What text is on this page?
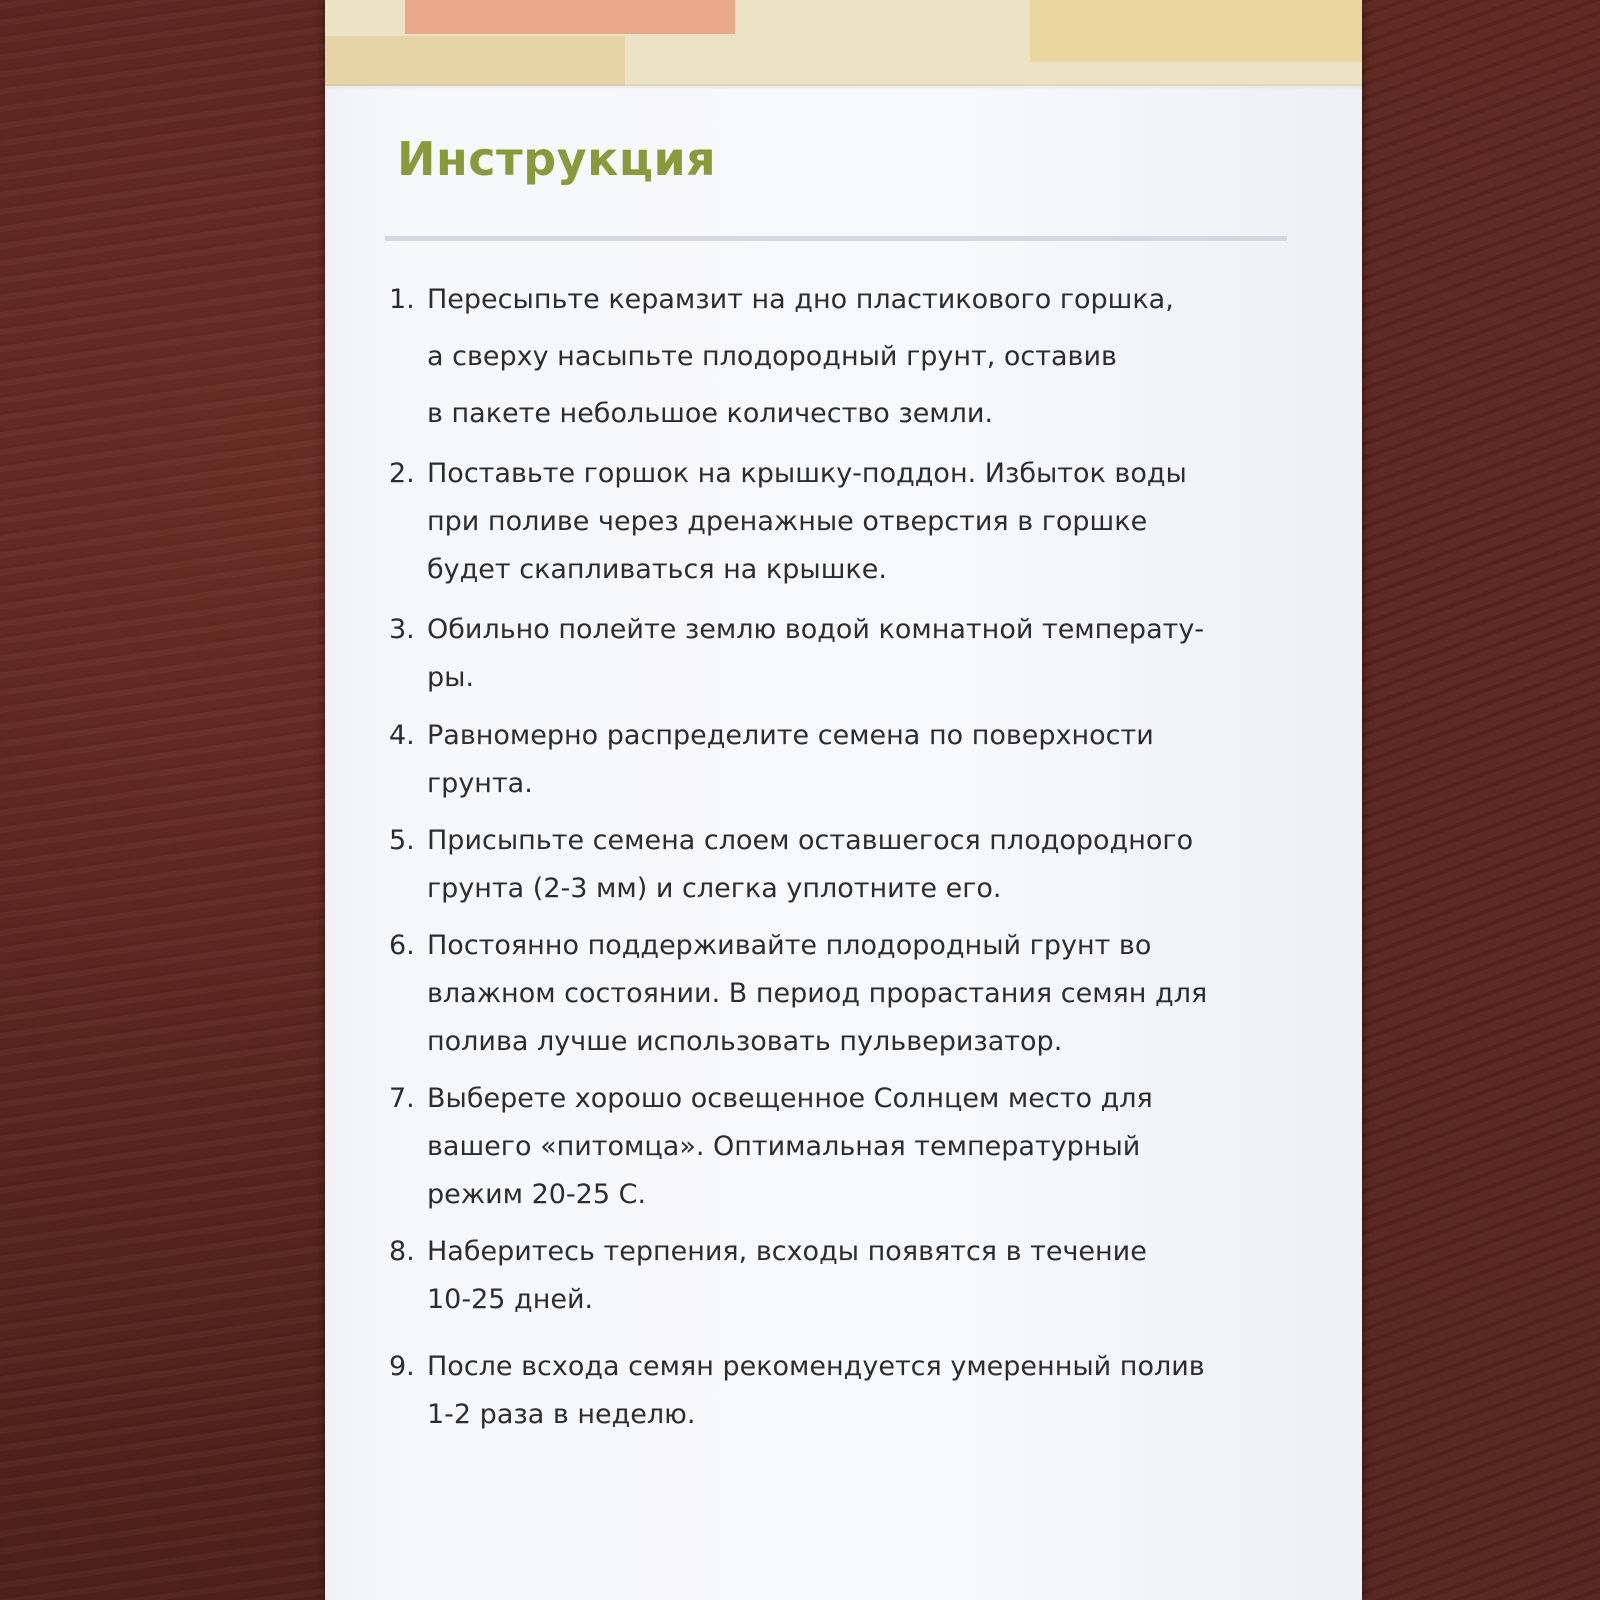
Инструкция
1. Пересыпьте керамзит на дно пластикового горшка,
а сверху насыпьте плодородный грунт, оставив
в пакете небольшое количество земли.
2. Поставьте горшок на крышку-поддон. Избыток воды
при поливе через дренажные отверстия в горшке
будет скапливаться на крышке.
3. Обильно полейте землю водой комнатной температу-
ры.
4. Равномерно распределите семена по поверхности
грунта.
5. Присыпьте семена слоем оставшегося плодородного
грунта (2-3 мм) и слегка уплотните его.
6. Постоянно поддерживайте плодородный грунт во
влажном состоянии. В период прорастания семян для
полива лучше использовать пульверизатор.
7. Выберете хорошо освещенное Солнцем место для
вашего «питомца». Оптимальная температурный
режим 20-25 С.
8. Наберитесь терпения, всходы появятся в течение
10-25 дней.
9. После всхода семян рекомендуется умеренный полив
1-2 раза в неделю.
